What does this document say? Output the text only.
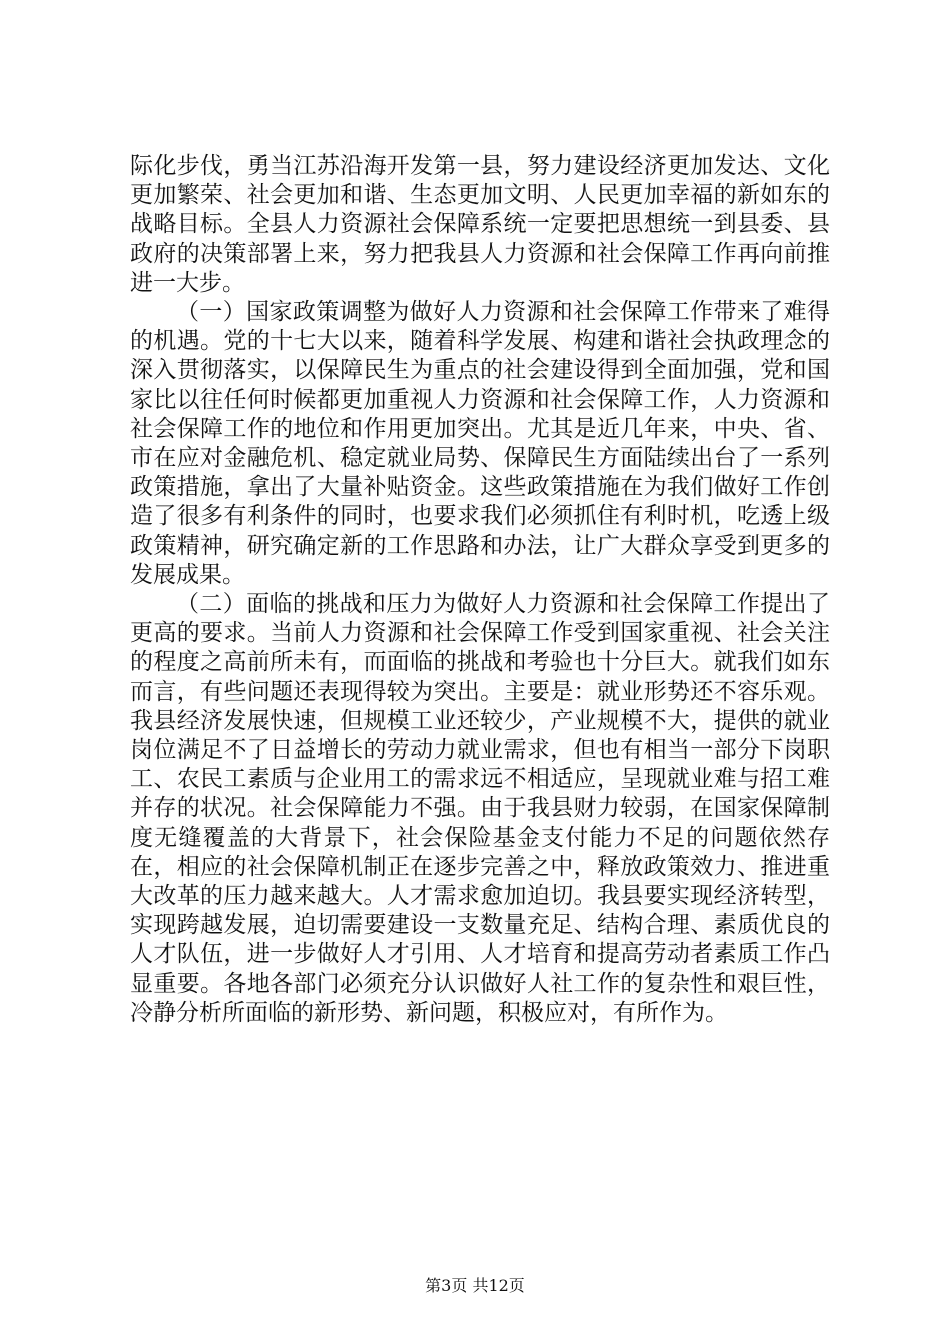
际化步伐，勇当江苏沿海开发第一县，努力建设经济更加发达、文化更加繁荣、社会更加和谐、生态更加文明、人民更加幸福的新如东的战略目标。全县人力资源社会保障系统一定要把思想统一到县委、县政府的决策部署上来，努力把我县人力资源和社会保障工作再向前推进一大步。

（一）国家政策调整为做好人力资源和社会保障工作带来了难得的机遇。党的十七大以来，随着科学发展、构建和谐社会执政理念的深入贯彻落实，以保障民生为重点的社会建设得到全面加强，党和国家比以往任何时候都更加重视人力资源和社会保障工作，人力资源和社会保障工作的地位和作用更加突出。尤其是近几年来，中央、省、市在应对金融危机、稳定就业局势、保障民生方面陆续出台了一系列政策措施，拿出了大量补贴资金。这些政策措施在为我们做好工作创造了很多有利条件的同时，也要求我们必须抓住有利时机，吃透上级政策精神，研究确定新的工作思路和办法，让广大群众享受到更多的发展成果。

（二）面临的挑战和压力为做好人力资源和社会保障工作提出了更高的要求。当前人力资源和社会保障工作受到国家重视、社会关注的程度之高前所未有，而面临的挑战和考验也十分巨大。就我们如东而言，有些问题还表现得较为突出。主要是：就业形势还不容乐观。我县经济发展快速，但规模工业还较少，产业规模不大，提供的就业岗位满足不了日益增长的劳动力就业需求，但也有相当一部分下岗职工、农民工素质与企业用工的需求远不相适应，呈现就业难与招工难并存的状况。社会保障能力不强。由于我县财力较弱，在国家保障制度无缝覆盖的大背景下，社会保险基金支付能力不足的问题依然存在，相应的社会保障机制正在逐步完善之中，释放政策效力、推进重大改革的压力越来越大。人才需求愈加迫切。我县要实现经济转型，实现跨越发展，迫切需要建设一支数量充足、结构合理、素质优良的人才队伍，进一步做好人才引用、人才培育和提高劳动者素质工作凸显重要。各地各部门必须充分认识做好人社工作的复杂性和艰巨性，冷静分析所面临的新形势、新问题，积极应对，有所作为。

第3页 共12页
